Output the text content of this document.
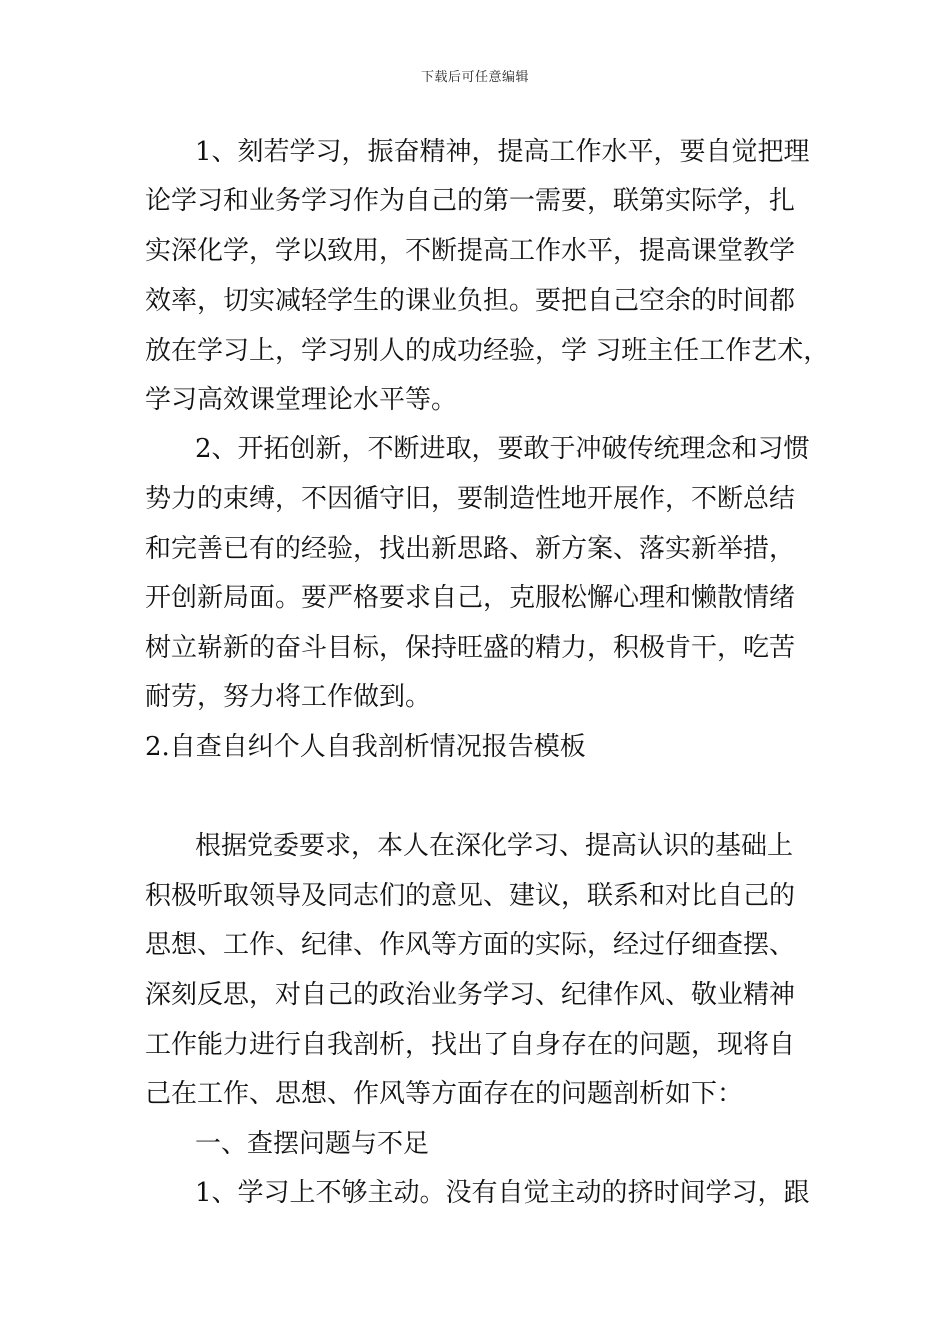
下载后可任意编辑
1、刻若学习，振奋精神，提高工作水平，要自觉把理
论学习和业务学习作为自己的第一需要，联第实际学，扎
实深化学，学以致用，不断提高工作水平，提高课堂教学
效率，切实减轻学生的课业负担。要把自己空余的时间都
放在学习上，学习别人的成功经验，学 习班主任工作艺术，
学习高效课堂理论水平等。
2、开拓创新，不断进取，要敢于冲破传统理念和习惯
势力的束缚，不因循守旧，要制造性地开展作，不断总结
和完善已有的经验，找出新思路、新方案、落实新举措，
开创新局面。要严格要求自己，克服松懈心理和懒散情绪
树立崭新的奋斗目标，保持旺盛的精力，积极肯干，吃苦
耐劳，努力将工作做到。
2.自查自纠个人自我剖析情况报告模板
根据党委要求，本人在深化学习、提高认识的基础上
积极听取领导及同志们的意见、建议，联系和对比自己的
思想、工作、纪律、作风等方面的实际，经过仔细查摆、
深刻反思，对自己的政治业务学习、纪律作风、敬业精神
工作能力进行自我剖析，找出了自身存在的问题，现将自
己在工作、思想、作风等方面存在的问题剖析如下：
一、查摆问题与不足
1、学习上不够主动。没有自觉主动的挤时间学习，跟
